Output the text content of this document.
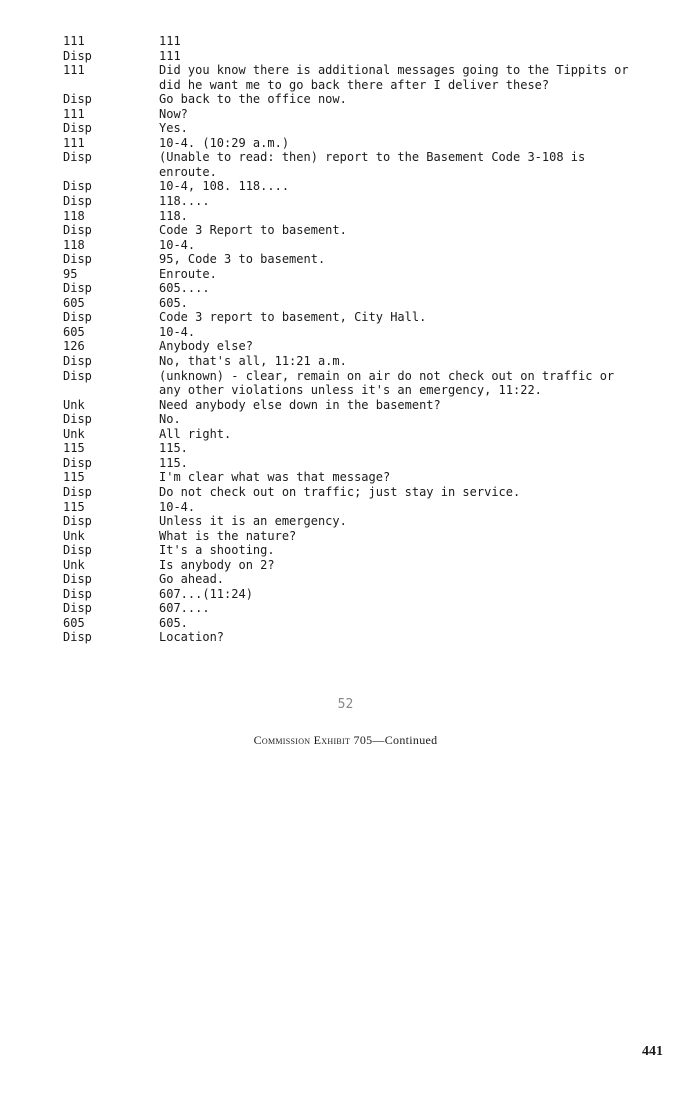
111	111
Disp	111
111	Did you know there is additional messages going to the Tippits or did he want me to go back there after I deliver these?
Disp	Go back to the office now.
111	Now?
Disp	Yes.
111	10-4. (10:29 a.m.)
Disp	(Unable to read: then) report to the Basement Code 3-108 is enroute.
Disp	10-4, 108. 118....
Disp	118....
118	118.
Disp	Code 3 Report to basement.
118	10-4.
Disp	95, Code 3 to basement.
95	Enroute.
Disp	605....
605	605.
Disp	Code 3 report to basement, City Hall.
605	10-4.
126	Anybody else?
Disp	No, that's all, 11:21 a.m.
Disp	(unknown) - clear, remain on air do not check out on traffic or any other violations unless it's an emergency, 11:22.
Unk	Need anybody else down in the basement?
Disp	No.
Unk	All right.
115	115.
Disp	115.
115	I'm clear what was that message?
Disp	Do not check out on traffic; just stay in service.
115	10-4.
Disp	Unless it is an emergency.
Unk	What is the nature?
Disp	It's a shooting.
Unk	Is anybody on 2?
Disp	Go ahead.
Disp	607...(11:24)
Disp	607....
605	605.
Disp	Location?
52
Commission Exhibit 705—Continued
441
